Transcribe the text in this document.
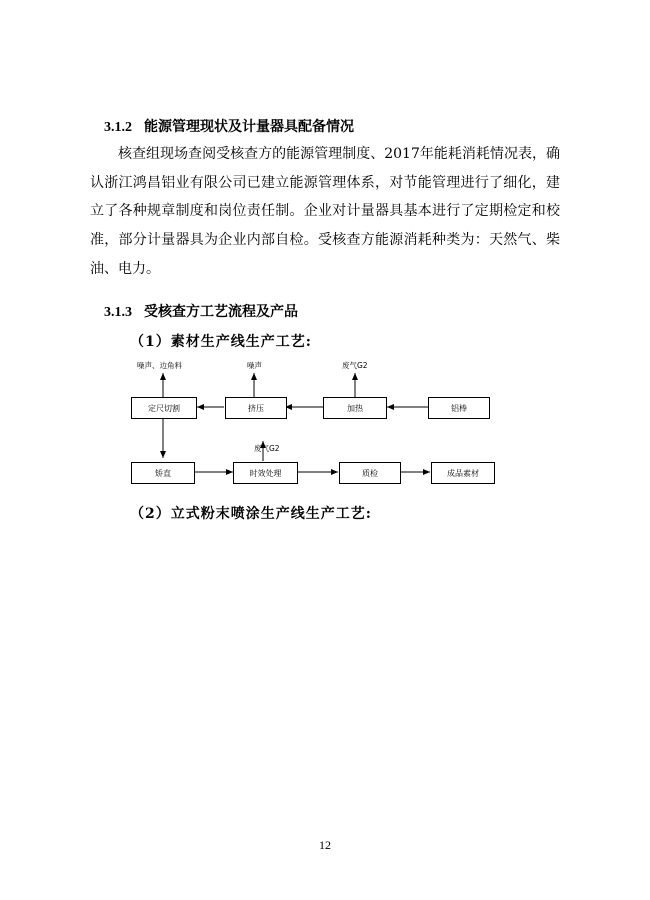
3.1.2 能源管理现状及计量器具配备情况

核查组现场查阅受核查方的能源管理制度、2017年能耗消耗情况表，确认浙江鸿昌铝业有限公司已建立能源管理体系，对节能管理进行了细化，建立了各种规章制度和岗位责任制。企业对计量器具基本进行了定期检定和校准，部分计量器具为企业内部自检。受核查方能源消耗种类为：天然气、柴油、电力。

3.1.3 受核查方工艺流程及产品
（1）素材生产线生产工艺:
定尺切割	挤压	加热	铝棒
矫直	时效处理	质检	成品素材
噪声、边角料	噪声	废气G2
废气G2
（2）立式粉末喷涂生产线生产工艺:
12
